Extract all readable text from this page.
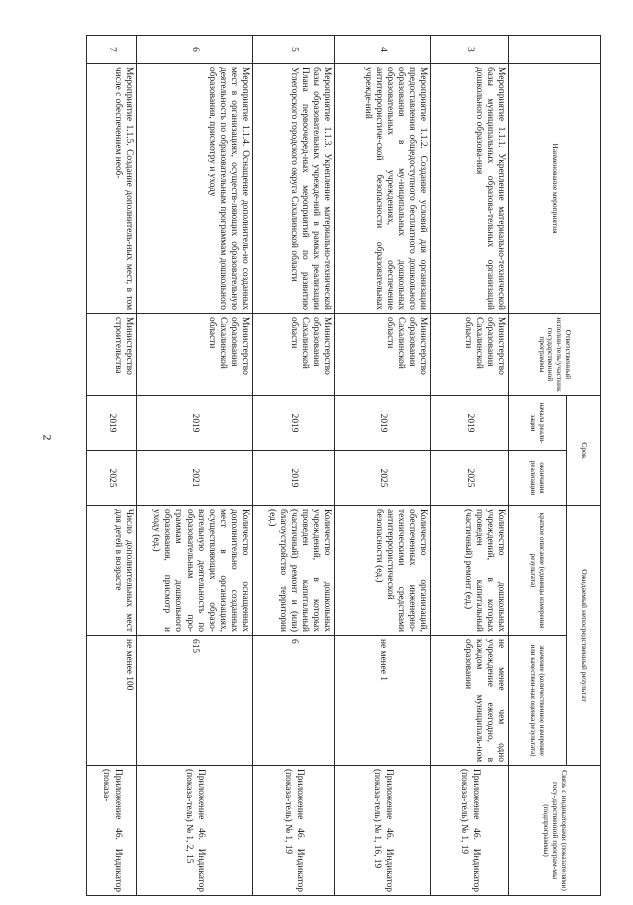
2
	Наименование мероприятия	Ответственный исполни-тель/участник государственной программы	Срок		Ожидаемый непосредственный результат		Связь с индикаторами (показателями) госу-дарственной програм-мы (подпрограммы)
			начала реали-зации	окончания реализации	краткое описание (единицы измерения результата)	значение (количественное измерение или качествен-ная оценка результата)	
3	Мероприятие 1.1.1. Укрепление материально-технической базы муниципальных образова-тельных организаций дошкольного образова-ния	Министерство образования Сахалинской области	2019	2025	Количество дошкольных учреждений, в которых проведен капитальный (частичный) ремонт (ед.)	не менее чем одно учреждение ежегодно, в каждом муниципаль-ном образовании	Приложение 46. Индикатор (показа-тель) № 1, 19
4	Мероприятие 1.1.2. Создание условий для организации предоставления общедоступного бесплатного дошкольного образования в му-ниципальных дошкольных образовательных учреждениях, обеспечение антитеррористиче-ской безопасности образовательных учрежде-ний	Министерство образования Сахалинской области	2019	2025	Количество организаций, обеспеченных инженерно-техническими средствами антитеррористической безопасности (ед.)	не менее 1	Приложение 46. Индикатор (показа-тель) № 1, 16, 19
5	Мероприятие 1.1.3. Укрепление материально-технической базы образовательных учрежде-ний в рамках реализации Плана первоочеред-ных мероприятий по развитию Углегорского городского округа Сахалинской области	Министерство образования Сахалинской области	2019	2019	Количество дошкольных учреждений, в которых проведен капитальный (частичный) ремонт и (или) благоустройство территории (ед.)	6	Приложение 46. Индикатор (показа-тель) № 1, 19
6	Мероприятие 1.1.4. Оснащение дополнитель-но созданных мест в организациях, осуществ-ляющих образовательную деятельность по образовательным программам дошкольного образования, присмотру и уходу	Министерство образования Сахалинской области	2019	2021	Количество оснащенных дополнительно созданных мест в организациях, осуществляющих образо-вательную деятельность по образовательным про-граммам дошкольного образования, присмотр и уходу (ед.)	615	Приложение 46. Индикатор (показа-тель) № 1, 2, 15
7	Мероприятие 1.1.5. Создание дополнитель-ных мест, в том числе с обеспечением необ-	Министерство строительства	2019	2025	Число дополнительных мест для детей в возрасте	не менее 100	Приложение 46. Индикатор (показа-
